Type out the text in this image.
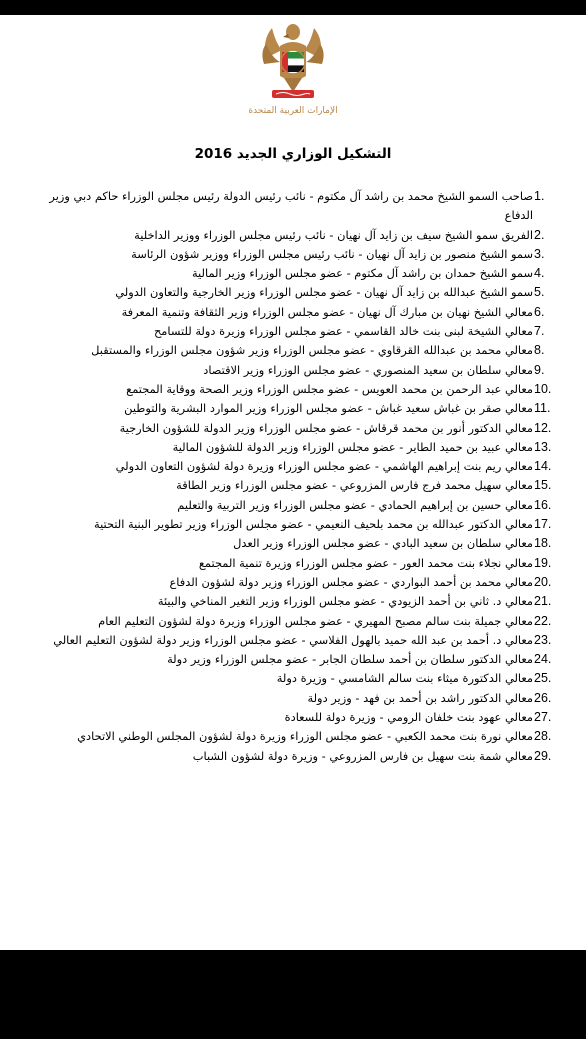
الإمارات العربية المتحدة
التشكيل الوزاري الجديد 2016
1.
صاحب السمو الشيخ محمد بن راشد آل مكتوم - نائب رئيس الدولة رئيس مجلس الوزراء حاكم دبي وزير الدفاع
2.
الفريق سمو الشيخ سيف بن زايد آل نهيان - نائب رئيس مجلس الوزراء ووزير الداخلية
3.
سمو الشيخ منصور بن زايد آل نهيان - نائب رئيس مجلس الوزراء ووزير شؤون الرئاسة
4.
سمو الشيخ حمدان بن راشد آل مكتوم - عضو مجلس الوزراء وزير المالية
5.
سمو الشيخ عبدالله بن زايد آل نهيان - عضو مجلس الوزراء وزير الخارجية والتعاون الدولي
6.
معالي الشيخ نهيان بن مبارك آل نهيان - عضو مجلس الوزراء وزير الثقافة وتنمية المعرفة
7.
معالي الشيخة لبنى بنت خالد القاسمي - عضو مجلس الوزراء وزيرة دولة للتسامح
8.
معالي محمد بن عبدالله القرقاوي - عضو مجلس الوزراء وزير شؤون مجلس الوزراء والمستقبل
9.
معالي سلطان بن سعيد المنصوري - عضو مجلس الوزراء وزير الاقتصاد
10.
معالي عبد الرحمن بن محمد العويس - عضو مجلس الوزراء وزير الصحة ووقاية المجتمع
11.
معالي صقر بن غباش سعيد غباش - عضو مجلس الوزراء وزير الموارد البشرية والتوطين
12.
معالي الدكتور أنور بن محمد قرقاش - عضو مجلس الوزراء وزير الدولة للشؤون الخارجية
13.
معالي عبيد بن حميد الطاير - عضو مجلس الوزراء وزير الدولة للشؤون المالية
14.
معالي ريم بنت إبراهيم الهاشمي - عضو مجلس الوزراء وزيرة دولة لشؤون التعاون الدولي
15.
معالي سهيل محمد فرج فارس المزروعي - عضو مجلس الوزراء وزير الطاقة
16.
معالي حسين بن إبراهيم الحمادي - عضو مجلس الوزراء وزير التربية والتعليم
17.
معالي الدكتور عبدالله بن محمد بلحيف النعيمي - عضو مجلس الوزراء وزير تطوير البنية التحتية
18.
معالي سلطان بن سعيد البادي - عضو مجلس الوزراء وزير العدل
19.
معالي نجلاء بنت محمد العور - عضو مجلس الوزراء وزيرة تنمية المجتمع
20.
معالي محمد بن أحمد البواردي - عضو مجلس الوزراء وزير دولة لشؤون الدفاع
21.
معالي د. ثاني بن أحمد الزيودي - عضو مجلس الوزراء وزير التغير المناخي والبيئة
22.
معالي جميلة بنت سالم مصبح المهيري - عضو مجلس الوزراء وزيرة دولة لشؤون التعليم العام
23.
معالي د. أحمد بن عبد الله حميد بالهول الفلاسي - عضو مجلس الوزراء وزير دولة لشؤون التعليم العالي
24.
معالي الدكتور سلطان بن أحمد سلطان الجابر - عضو مجلس الوزراء وزير دولة
25.
معالي الدكتورة ميثاء بنت سالم الشامسي - وزيرة دولة
26.
معالي الدكتور راشد بن أحمد بن فهد - وزير دولة
27.
معالي عهود بنت خلفان الرومي - وزيرة دولة للسعادة
28.
معالي نورة بنت محمد الكعبي - عضو مجلس الوزراء وزيرة دولة لشؤون المجلس الوطني الاتحادي
29.
معالي شمة بنت سهيل بن فارس المزروعي - وزيرة دولة لشؤون الشباب
